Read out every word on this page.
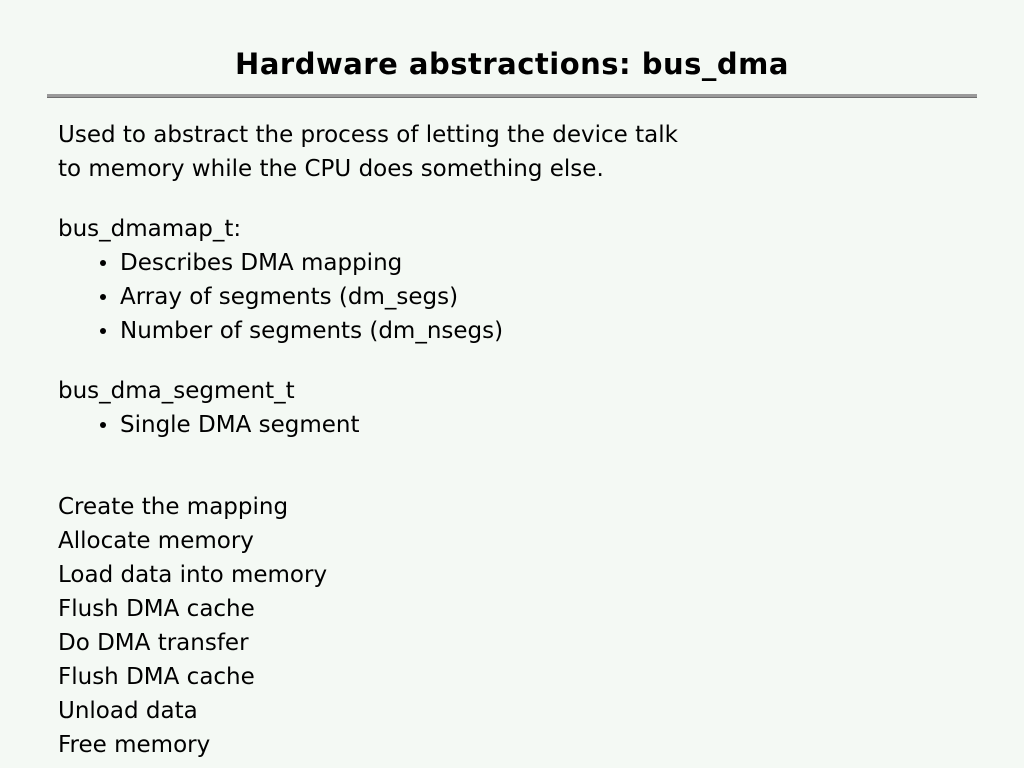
Hardware abstractions: bus_dma
Used to abstract the process of letting the device talk
to memory while the CPU does something else.
bus_dmamap_t:
Describes DMA mapping
Array of segments (dm_segs)
Number of segments (dm_nsegs)
bus_dma_segment_t
Single DMA segment
Create the mapping
Allocate memory
Load data into memory
Flush DMA cache
Do DMA transfer
Flush DMA cache
Unload data
Free memory
